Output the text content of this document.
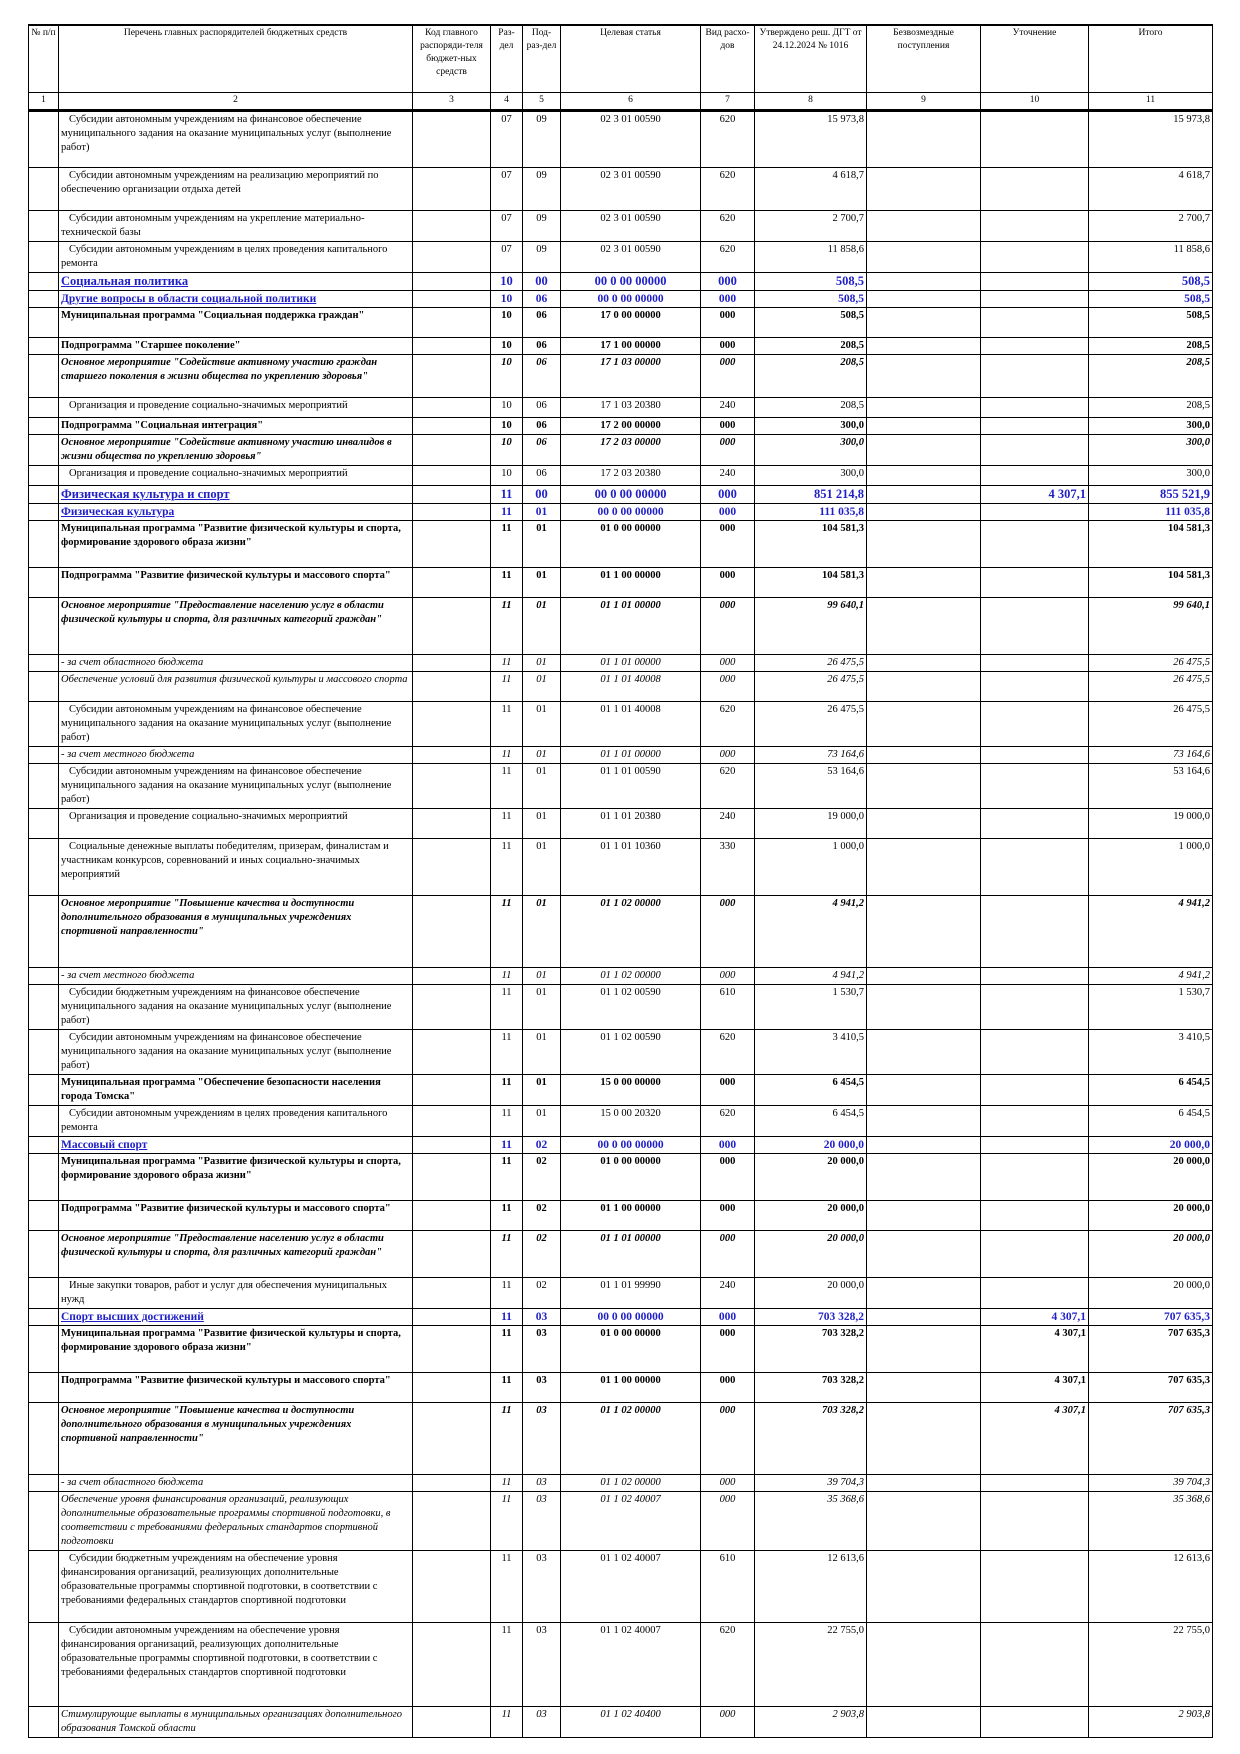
№ п/п	Перечень главных распорядителей бюджетных средств	Код главного распоряди-теля бюджет-ных средств	Раз-дел	Под-раз-дел	Целевая статья	Вид расхо-дов	Утверждено реш. ДГТ от 24.12.2024 № 1016	Безвозмездные поступления	Уточнение	Итого
1	2	3	4	5	6	7	8	9	10	11
	Субсидии автономным учреждениям на финансовое обеспечение муниципального задания на оказание муниципальных услуг (выполнение работ)		07	09	02 3 01 00590	620	15 973,8			15 973,8
	Субсидии автономным учреждениям на реализацию мероприятий по обеспечению организации отдыха детей		07	09	02 3 01 00590	620	4 618,7			4 618,7
	Субсидии автономным учреждениям на укрепление материально-технической базы		07	09	02 3 01 00590	620	2 700,7			2 700,7
	Субсидии автономным учреждениям в целях проведения капитального ремонта		07	09	02 3 01 00590	620	11 858,6			11 858,6
	Социальная политика		10	00	00 0 00 00000	000	508,5			508,5
	Другие вопросы в области социальной политики		10	06	00 0 00 00000	000	508,5			508,5
	Муниципальная программа "Социальная поддержка граждан"		10	06	17 0 00 00000	000	508,5			508,5
	Подпрограмма "Старшее поколение"		10	06	17 1 00 00000	000	208,5			208,5
	Основное мероприятие "Содействие активному участию граждан старшего поколения в жизни общества по укреплению здоровья"		10	06	17 1 03 00000	000	208,5			208,5
	Организация и проведение социально-значимых мероприятий		10	06	17 1 03 20380	240	208,5			208,5
	Подпрограмма "Социальная интеграция"		10	06	17 2 00 00000	000	300,0			300,0
	Основное мероприятие "Содействие активному участию инвалидов в жизни общества по укреплению здоровья"		10	06	17 2 03 00000	000	300,0			300,0
	Организация и проведение социально-значимых мероприятий		10	06	17 2 03 20380	240	300,0			300,0
	Физическая культура и спорт		11	00	00 0 00 00000	000	851 214,8		4 307,1	855 521,9
	Физическая культура		11	01	00 0 00 00000	000	111 035,8			111 035,8
	Муниципальная программа "Развитие физической культуры и спорта, формирование здорового образа жизни"		11	01	01 0 00 00000	000	104 581,3			104 581,3
	Подпрограмма "Развитие физической культуры и массового спорта"		11	01	01 1 00 00000	000	104 581,3			104 581,3
	Основное мероприятие "Предоставление населению услуг в области физической культуры и спорта, для различных категорий граждан"		11	01	01 1 01 00000	000	99 640,1			99 640,1
	- за счет областного бюджета		11	01	01 1 01 00000	000	26 475,5			26 475,5
	Обеспечение условий для развития физической культуры и массового спорта		11	01	01 1 01 40008	000	26 475,5			26 475,5
	Субсидии автономным учреждениям на финансовое обеспечение муниципального задания на оказание муниципальных услуг (выполнение работ)		11	01	01 1 01 40008	620	26 475,5			26 475,5
	- за счет местного бюджета		11	01	01 1 01 00000	000	73 164,6			73 164,6
	Субсидии автономным учреждениям на финансовое обеспечение муниципального задания на оказание муниципальных услуг (выполнение работ)		11	01	01 1 01 00590	620	53 164,6			53 164,6
	Организация и проведение социально-значимых мероприятий		11	01	01 1 01 20380	240	19 000,0			19 000,0
	Социальные денежные выплаты победителям, призерам, финалистам и участникам конкурсов, соревнований и иных социально-значимых мероприятий		11	01	01 1 01 10360	330	1 000,0			1 000,0
	Основное мероприятие "Повышение качества и доступности дополнительного образования в муниципальных учреждениях спортивной направленности"		11	01	01 1 02 00000	000	4 941,2			4 941,2
	- за счет местного бюджета		11	01	01 1 02 00000	000	4 941,2			4 941,2
	Субсидии бюджетным учреждениям на финансовое обеспечение муниципального задания на оказание муниципальных услуг (выполнение работ)		11	01	01 1 02 00590	610	1 530,7			1 530,7
	Субсидии автономным учреждениям на финансовое обеспечение муниципального задания на оказание муниципальных услуг (выполнение работ)		11	01	01 1 02 00590	620	3 410,5			3 410,5
	Муниципальная программа "Обеспечение безопасности населения города Томска"		11	01	15 0 00 00000	000	6 454,5			6 454,5
	Субсидии автономным учреждениям в целях проведения капитального ремонта		11	01	15 0 00 20320	620	6 454,5			6 454,5
	Массовый спорт		11	02	00 0 00 00000	000	20 000,0			20 000,0
	Муниципальная программа "Развитие физической культуры и спорта, формирование здорового образа жизни"		11	02	01 0 00 00000	000	20 000,0			20 000,0
	Подпрограмма "Развитие физической культуры и массового спорта"		11	02	01 1 00 00000	000	20 000,0			20 000,0
	Основное мероприятие "Предоставление населению услуг в области физической культуры и спорта, для различных категорий граждан"		11	02	01 1 01 00000	000	20 000,0			20 000,0
	Иные закупки товаров, работ и услуг для обеспечения муниципальных нужд		11	02	01 1 01 99990	240	20 000,0			20 000,0
	Спорт высших достижений		11	03	00 0 00 00000	000	703 328,2		4 307,1	707 635,3
	Муниципальная программа "Развитие физической культуры и спорта, формирование здорового образа жизни"		11	03	01 0 00 00000	000	703 328,2		4 307,1	707 635,3
	Подпрограмма "Развитие физической культуры и массового спорта"		11	03	01 1 00 00000	000	703 328,2		4 307,1	707 635,3
	Основное мероприятие "Повышение качества и доступности дополнительного образования в муниципальных учреждениях спортивной направленности"		11	03	01 1 02 00000	000	703 328,2		4 307,1	707 635,3
	- за счет областного бюджета		11	03	01 1 02 00000	000	39 704,3			39 704,3
	Обеспечение уровня финансирования организаций, реализующих дополнительные образовательные программы спортивной подготовки, в соответствии с требованиями федеральных стандартов спортивной подготовки		11	03	01 1 02 40007	000	35 368,6			35 368,6
	Субсидии бюджетным учреждениям на обеспечение уровня финансирования организаций, реализующих дополнительные образовательные программы спортивной подготовки, в соответствии с требованиями федеральных стандартов спортивной подготовки		11	03	01 1 02 40007	610	12 613,6			12 613,6
	Субсидии автономным учреждениям на обеспечение уровня финансирования организаций, реализующих дополнительные образовательные программы спортивной подготовки, в соответствии с требованиями федеральных стандартов спортивной подготовки		11	03	01 1 02 40007	620	22 755,0			22 755,0
	Стимулирующие выплаты в муниципальных организациях дополнительного образования Томской области		11	03	01 1 02 40400	000	2 903,8			2 903,8
